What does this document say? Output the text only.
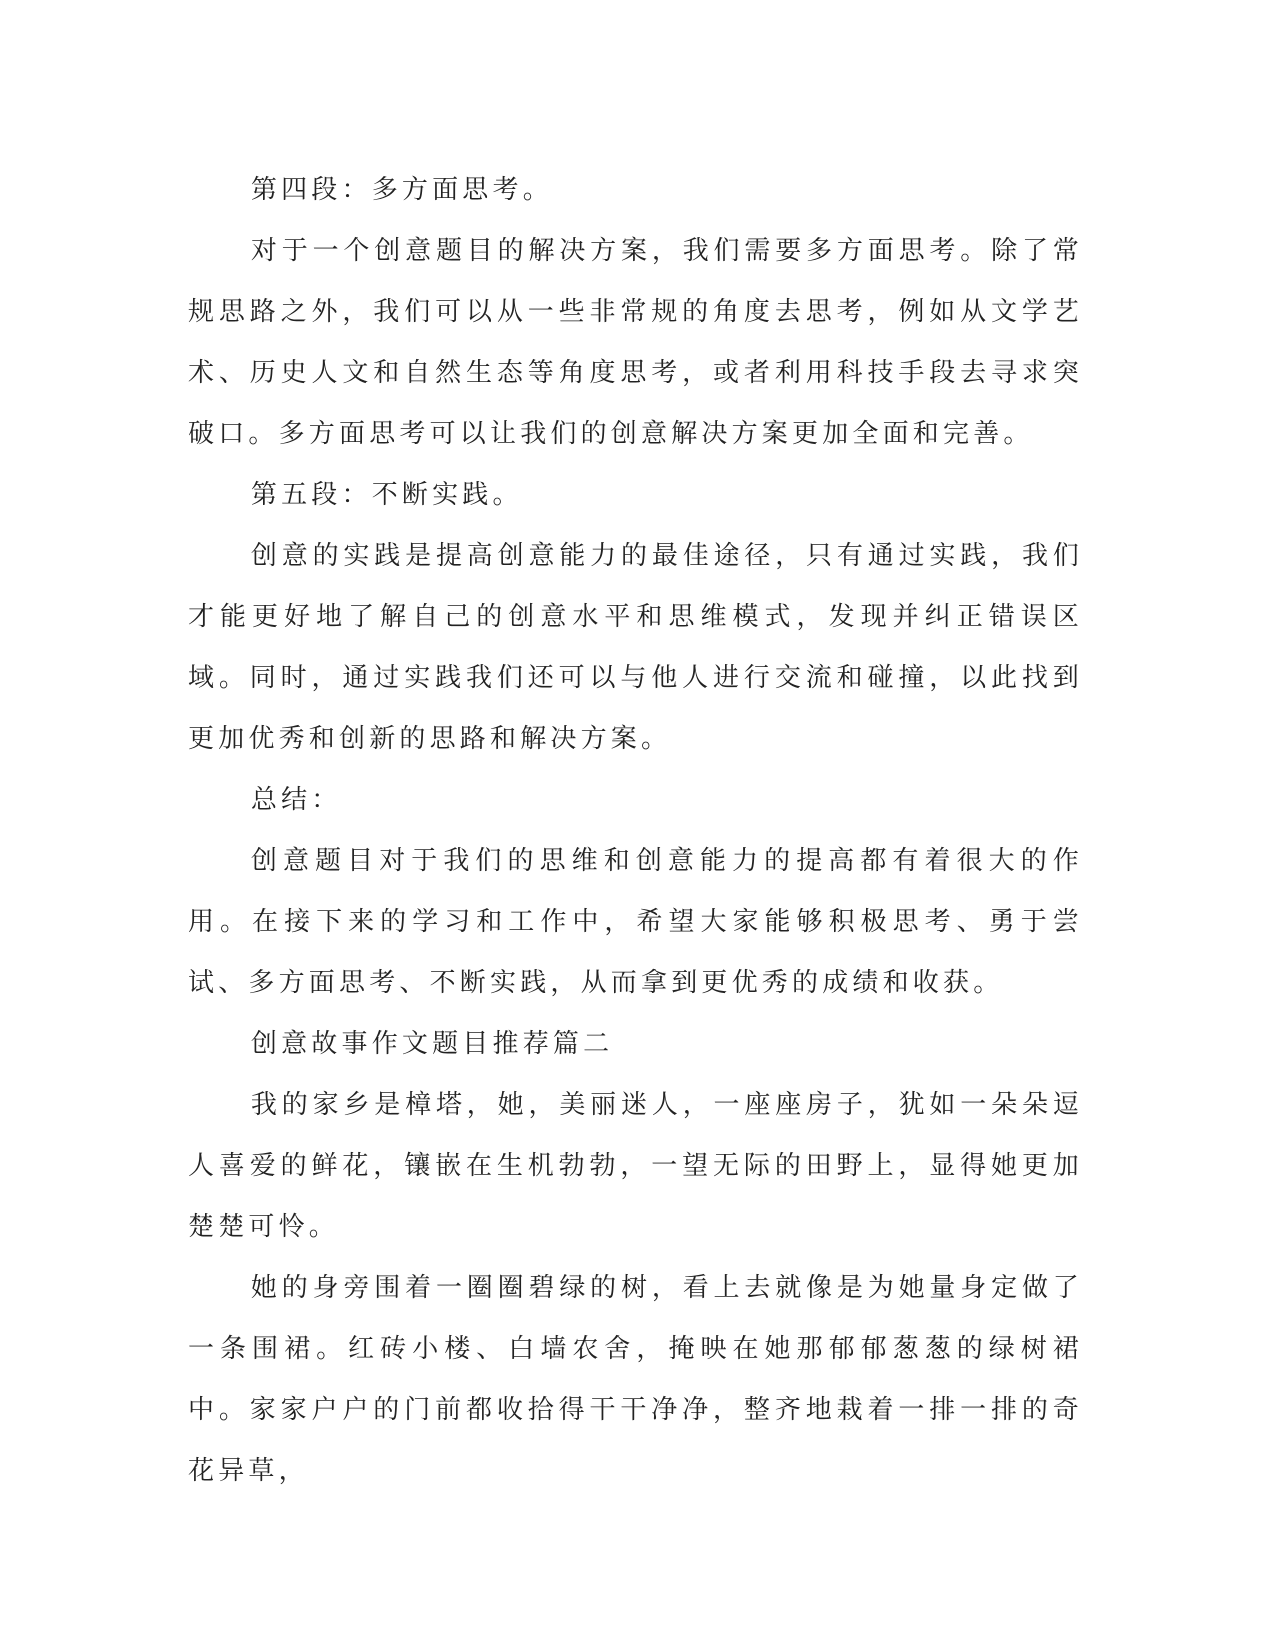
第四段：多方面思考。

对于一个创意题目的解决方案，我们需要多方面思考。除了常规思路之外，我们可以从一些非常规的角度去思考，例如从文学艺术、历史人文和自然生态等角度思考，或者利用科技手段去寻求突破口。多方面思考可以让我们的创意解决方案更加全面和完善。

第五段：不断实践。

创意的实践是提高创意能力的最佳途径，只有通过实践，我们才能更好地了解自己的创意水平和思维模式，发现并纠正错误区域。同时，通过实践我们还可以与他人进行交流和碰撞，以此找到更加优秀和创新的思路和解决方案。

总结：

创意题目对于我们的思维和创意能力的提高都有着很大的作用。在接下来的学习和工作中，希望大家能够积极思考、勇于尝试、多方面思考、不断实践，从而拿到更优秀的成绩和收获。

创意故事作文题目推荐篇二

我的家乡是樟塔，她，美丽迷人，一座座房子，犹如一朵朵逗人喜爱的鲜花，镶嵌在生机勃勃，一望无际的田野上，显得她更加楚楚可怜。

她的身旁围着一圈圈碧绿的树，看上去就像是为她量身定做了一条围裙。红砖小楼、白墙农舍，掩映在她那郁郁葱葱的绿树裙中。家家户户的门前都收拾得干干净净，整齐地栽着一排一排的奇花异草，
